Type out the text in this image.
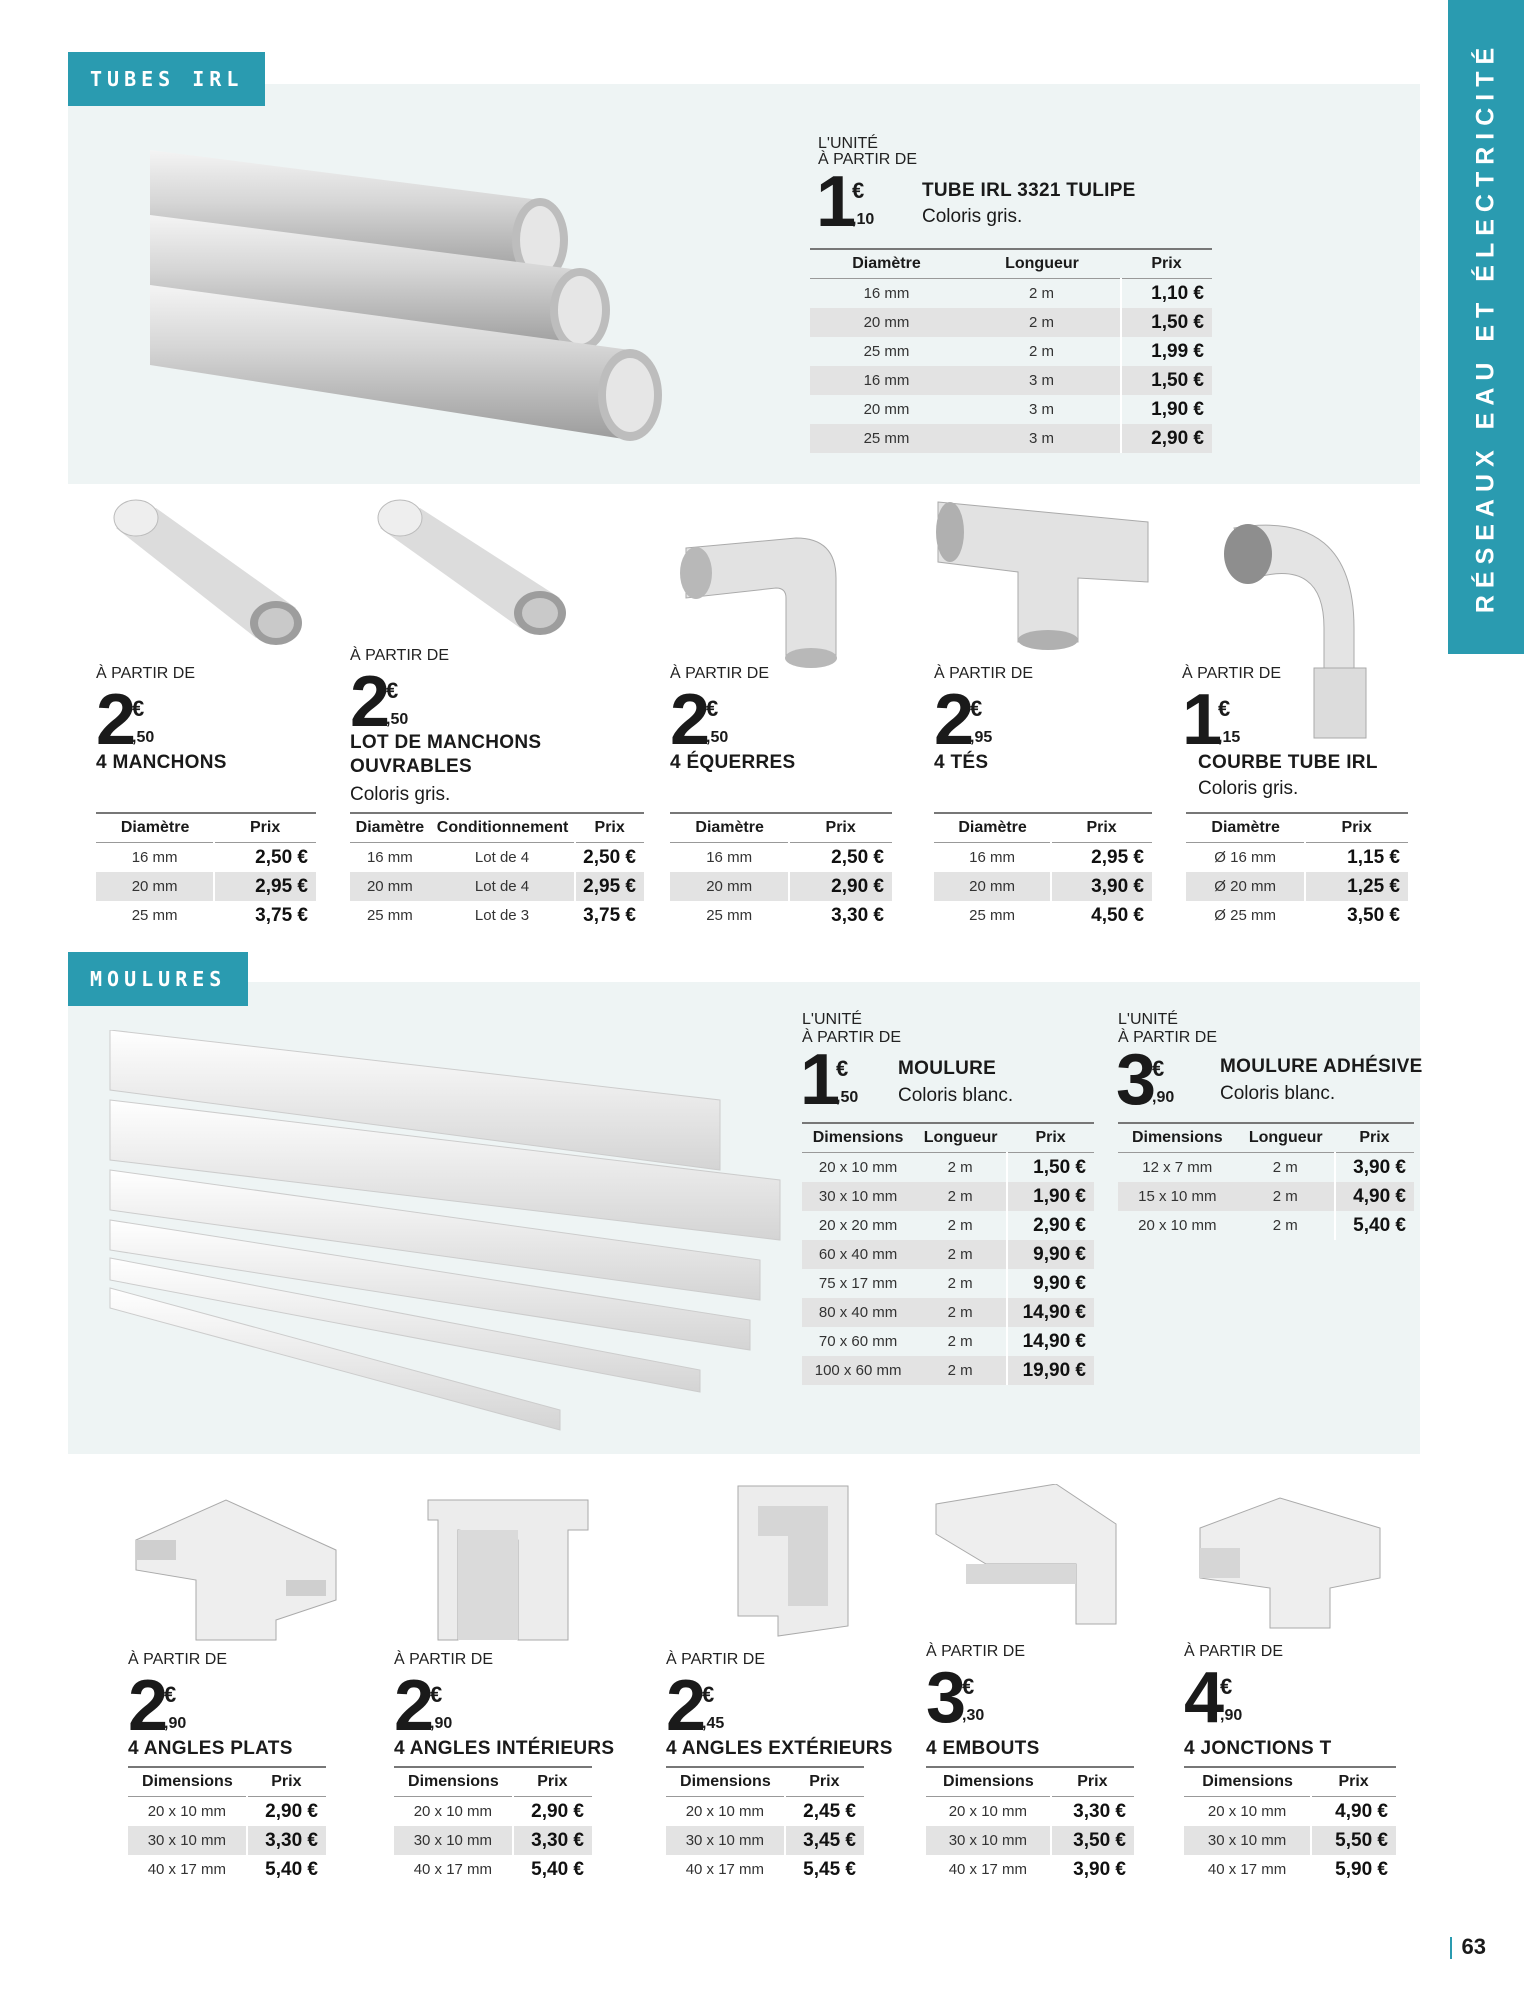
RÉSEAUX EAU ET ÉLECTRICITÉ
TUBES IRL
MOULURES
L'UNITÉ
À PARTIR DE
1
€
,10
TUBE IRL 3321 TULIPE
Coloris gris.
Diamètre	Longueur	Prix
16 mm	2 m	1,10 €
20 mm	2 m	1,50 €
25 mm	2 m	1,99 €
16 mm	3 m	1,50 €
20 mm	3 m	1,90 €
25 mm	3 m	2,90 €
À PARTIR DE
2
€
,50
4 MANCHONS
Diamètre	Prix
16 mm	2,50 €
20 mm	2,95 €
25 mm	3,75 €
À PARTIR DE
2
€
,50
LOT DE MANCHONS
OUVRABLES
Coloris gris.
Diamètre	Conditionnement	Prix
16 mm	Lot de 4	2,50 €
20 mm	Lot de 4	2,95 €
25 mm	Lot de 3	3,75 €
À PARTIR DE
2
€
,50
4 ÉQUERRES
Diamètre	Prix
16 mm	2,50 €
20 mm	2,90 €
25 mm	3,30 €
À PARTIR DE
2
€
,95
4 TÉS
Diamètre	Prix
16 mm	2,95 €
20 mm	3,90 €
25 mm	4,50 €
À PARTIR DE
1
€
,15
COURBE TUBE IRL
Coloris gris.
Diamètre	Prix
Ø 16 mm	1,15 €
Ø 20 mm	1,25 €
Ø 25 mm	3,50 €
L'UNITÉ
À PARTIR DE
1
€
,50
MOULURE
Coloris blanc.
Dimensions	Longueur	Prix
20 x 10 mm	2 m	1,50 €
30 x 10 mm	2 m	1,90 €
20 x 20 mm	2 m	2,90 €
60 x 40 mm	2 m	9,90 €
75 x 17 mm	2 m	9,90 €
80 x 40 mm	2 m	14,90 €
70 x 60 mm	2 m	14,90 €
100 x 60 mm	2 m	19,90 €
L'UNITÉ
À PARTIR DE
3
€
,90
MOULURE ADHÉSIVE
Coloris blanc.
Dimensions	Longueur	Prix
12 x 7 mm	2 m	3,90 €
15 x 10 mm	2 m	4,90 €
20 x 10 mm	2 m	5,40 €
À PARTIR DE
2
€
,90
4 ANGLES PLATS
Dimensions	Prix
20 x 10 mm	2,90 €
30 x 10 mm	3,30 €
40 x 17 mm	5,40 €
À PARTIR DE
2
€
,90
4 ANGLES INTÉRIEURS
Dimensions	Prix
20 x 10 mm	2,90 €
30 x 10 mm	3,30 €
40 x 17 mm	5,40 €
À PARTIR DE
2
€
,45
4 ANGLES EXTÉRIEURS
Dimensions	Prix
20 x 10 mm	2,45 €
30 x 10 mm	3,45 €
40 x 17 mm	5,45 €
À PARTIR DE
3
€
,30
4 EMBOUTS
Dimensions	Prix
20 x 10 mm	3,30 €
30 x 10 mm	3,50 €
40 x 17 mm	3,90 €
À PARTIR DE
4
€
,90
4 JONCTIONS T
Dimensions	Prix
20 x 10 mm	4,90 €
30 x 10 mm	5,50 €
40 x 17 mm	5,90 €
63
